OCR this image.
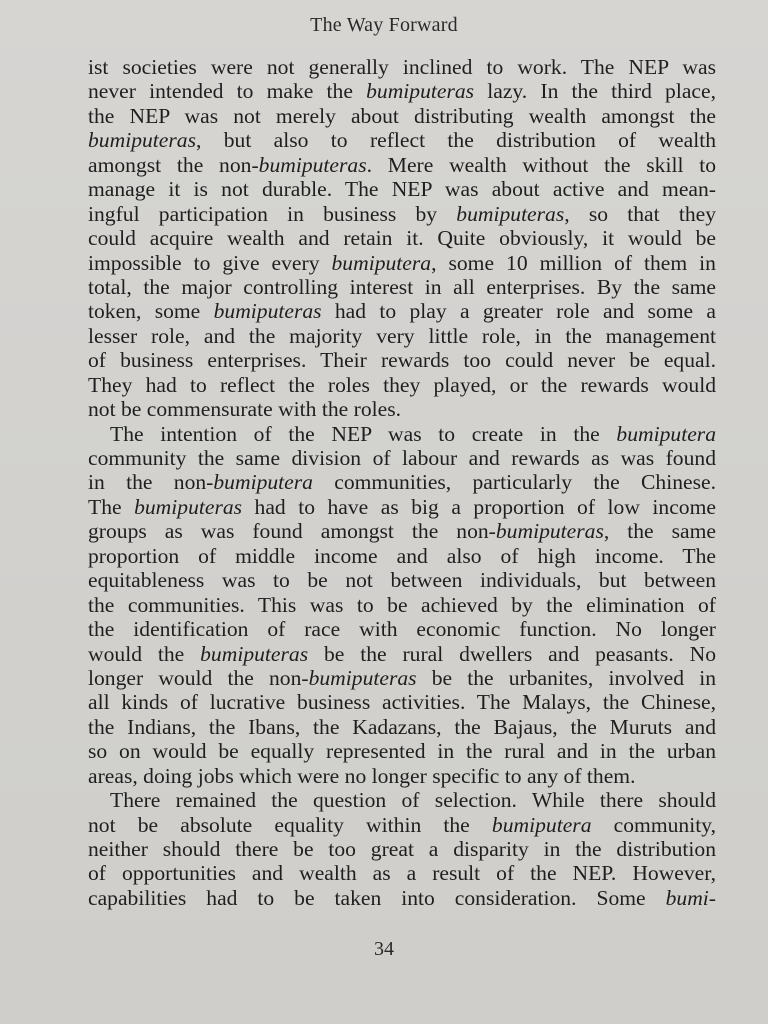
The Way Forward
ist societies were not generally inclined to work. The NEP was
never intended to make the bumiputeras lazy. In the third place,
the NEP was not merely about distributing wealth amongst the
bumiputeras, but also to reflect the distribution of wealth
amongst the non-bumiputeras. Mere wealth without the skill to
manage it is not durable. The NEP was about active and mean-
ingful participation in business by bumiputeras, so that they
could acquire wealth and retain it. Quite obviously, it would be
impossible to give every bumiputera, some 10 million of them in
total, the major controlling interest in all enterprises. By the same
token, some bumiputeras had to play a greater role and some a
lesser role, and the majority very little role, in the management
of business enterprises. Their rewards too could never be equal.
They had to reflect the roles they played, or the rewards would
not be commensurate with the roles.
The intention of the NEP was to create in the bumiputera
community the same division of labour and rewards as was found
in the non-bumiputera communities, particularly the Chinese.
The bumiputeras had to have as big a proportion of low income
groups as was found amongst the non-bumiputeras, the same
proportion of middle income and also of high income. The
equitableness was to be not between individuals, but between
the communities. This was to be achieved by the elimination of
the identification of race with economic function. No longer
would the bumiputeras be the rural dwellers and peasants. No
longer would the non-bumiputeras be the urbanites, involved in
all kinds of lucrative business activities. The Malays, the Chinese,
the Indians, the Ibans, the Kadazans, the Bajaus, the Muruts and
so on would be equally represented in the rural and in the urban
areas, doing jobs which were no longer specific to any of them.
There remained the question of selection. While there should
not be absolute equality within the bumiputera community,
neither should there be too great a disparity in the distribution
of opportunities and wealth as a result of the NEP. However,
capabilities had to be taken into consideration. Some bumi-
34
